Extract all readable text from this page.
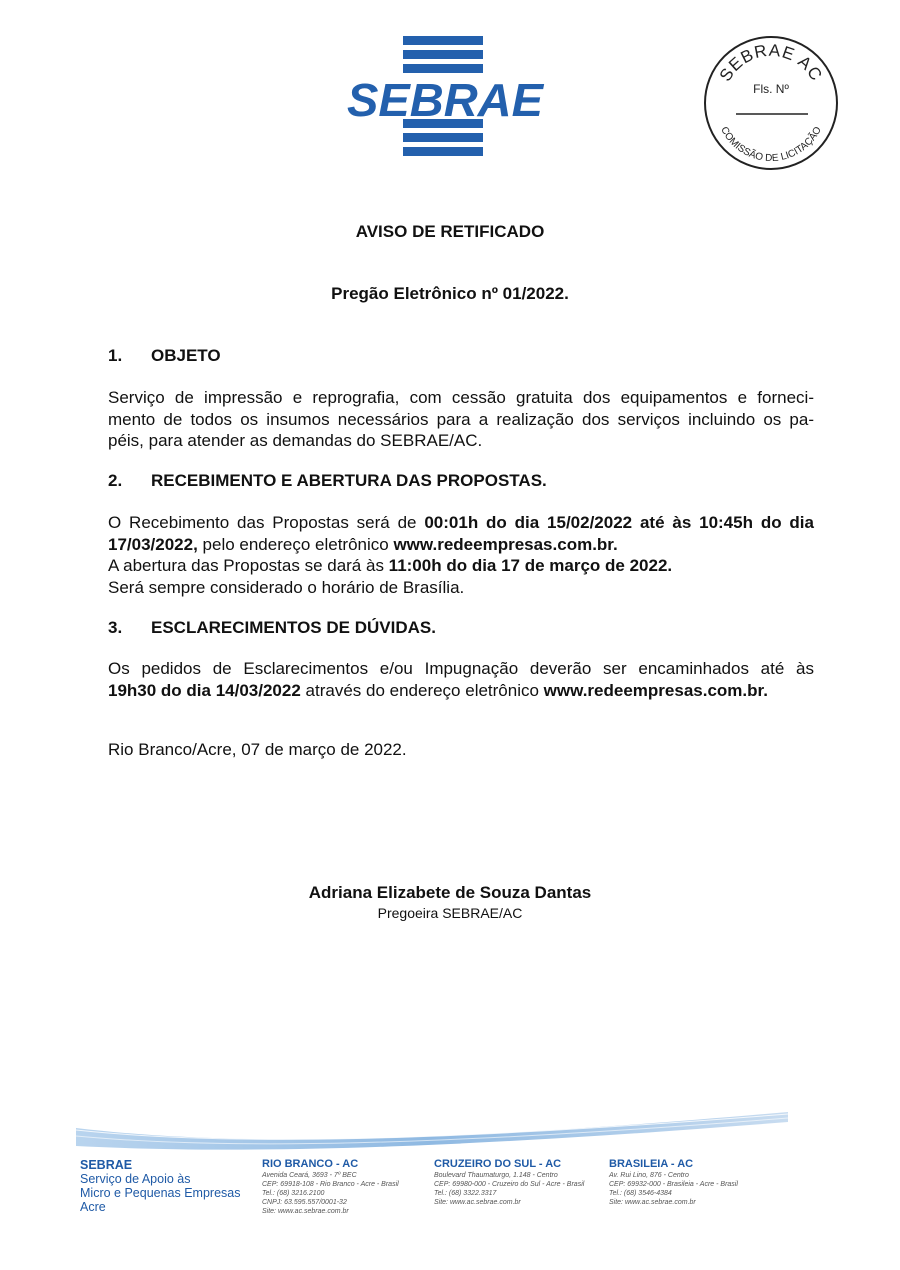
SEBRAE	SEBRAE AC
Fls. Nº
COMISSÃO DE LICITAÇÃO
AVISO DE RETIFICADO
Pregão Eletrônico nº 01/2022.
1. OBJETO
Serviço de impressão e reprografia, com cessão gratuita dos equipamentos e forneci-
mento de todos os insumos necessários para a realização dos serviços incluindo os pa-
péis, para atender as demandas do SEBRAE/AC.
2. RECEBIMENTO E ABERTURA DAS PROPOSTAS.
O Recebimento das Propostas será de 00:01h do dia 15/02/2022 até às 10:45h do dia
17/03/2022, pelo endereço eletrônico www.redeempresas.com.br.
A abertura das Propostas se dará às 11:00h do dia 17 de março de 2022.
Será sempre considerado o horário de Brasília.
3. ESCLARECIMENTOS DE DÚVIDAS.
Os pedidos de Esclarecimentos e/ou Impugnação deverão ser encaminhados até às
19h30 do dia 14/03/2022 através do endereço eletrônico www.redeempresas.com.br.
Rio Branco/Acre, 07 de março de 2022.
Adriana Elizabete de Souza Dantas
Pregoeira SEBRAE/AC
SEBRAE
Serviço de Apoio às
Micro e Pequenas Empresas
Acre
RIO BRANCO - AC
Avenida Ceará, 3693 - 7º BEC
CEP: 69918-108 - Rio Branco - Acre - Brasil
Tel.: (68) 3216.2100
CNPJ: 63.595.557/0001-32
Site: www.ac.sebrae.com.br
CRUZEIRO DO SUL - AC
Boulevard Thaumaturgo, 1.148 - Centro
CEP: 69980-000 - Cruzeiro do Sul - Acre - Brasil
Tel.: (68) 3322.3317
Site: www.ac.sebrae.com.br
BRASILEIA - AC
Av. Rui Lino, 876 - Centro
CEP: 69932-000 - Brasileia - Acre - Brasil
Tel.: (68) 3546-4384
Site: www.ac.sebrae.com.br
